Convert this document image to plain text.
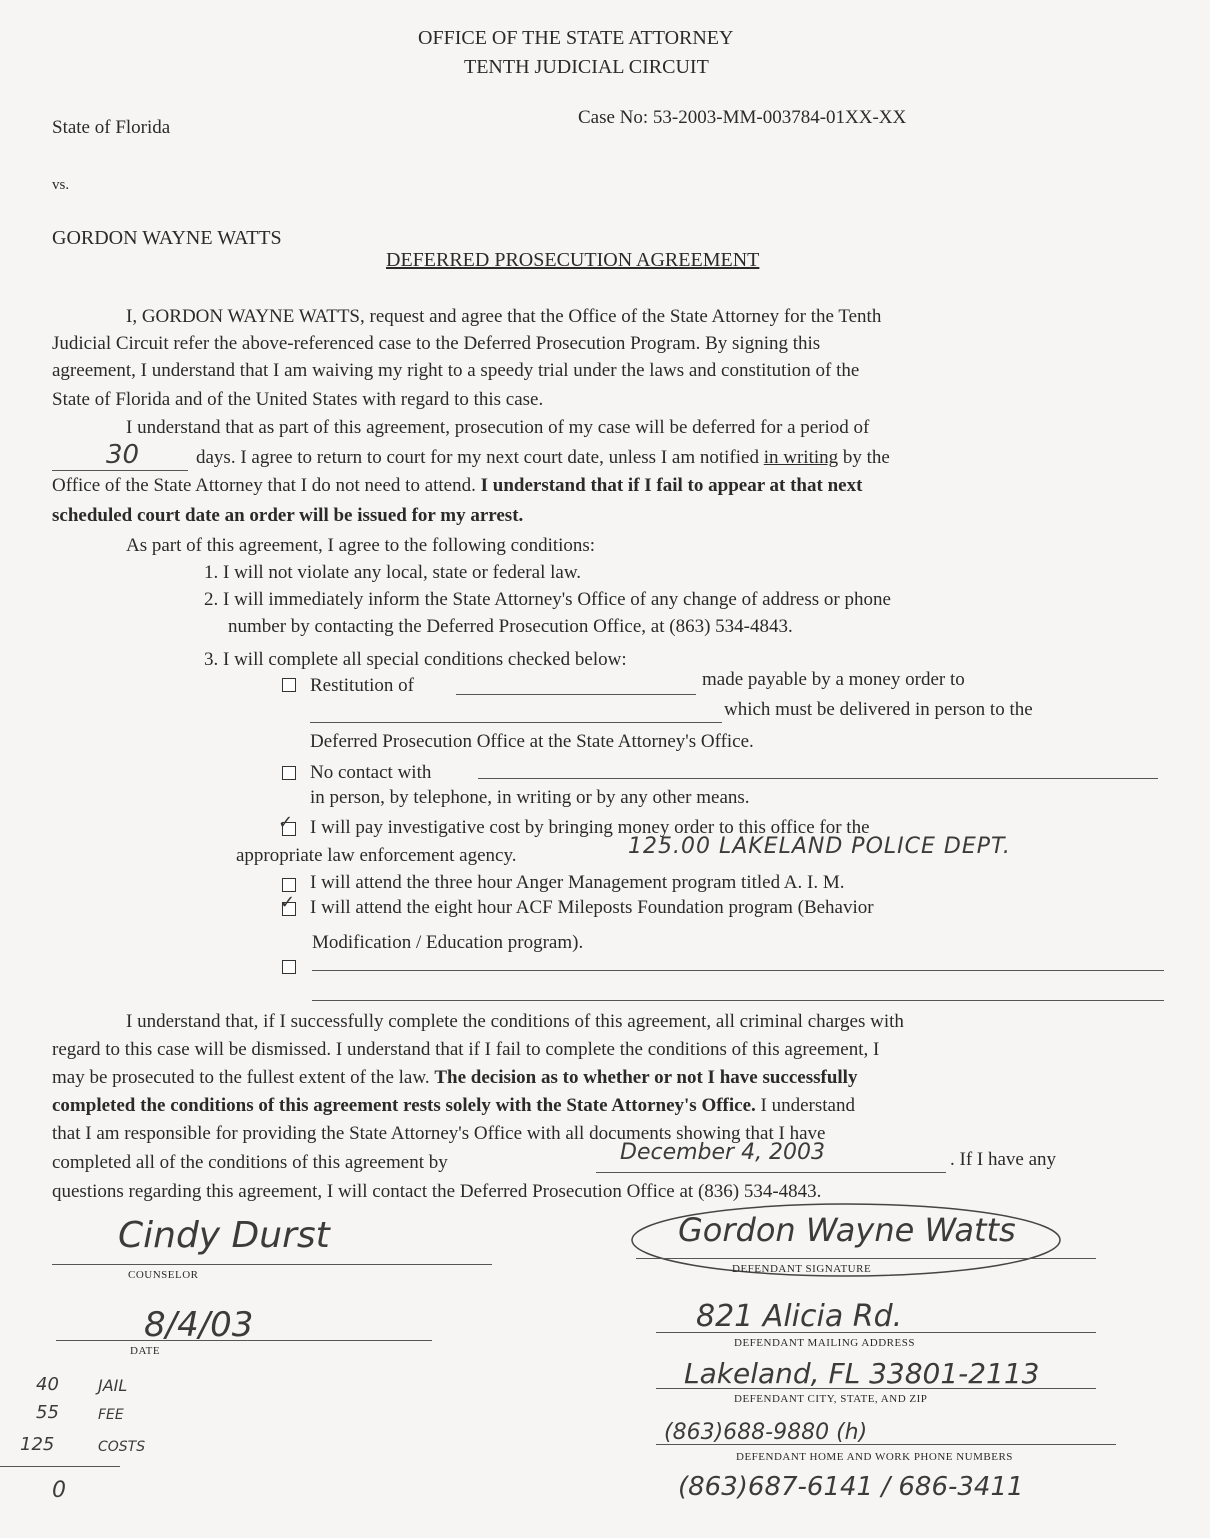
OFFICE OF THE STATE ATTORNEY
TENTH JUDICIAL CIRCUIT
State of Florida	Case No: 53-2003-MM-003784-01XX-XX
vs.
GORDON WAYNE WATTS
DEFERRED PROSECUTION AGREEMENT
I, GORDON WAYNE WATTS, request and agree that the Office of the State Attorney for the Tenth
Judicial Circuit refer the above-referenced case to the Deferred Prosecution Program. By signing this
agreement, I understand that I am waiving my right to a speedy trial under the laws and constitution of the
State of Florida and of the United States with regard to this case.
I understand that as part of this agreement, prosecution of my case will be deferred for a period of
30	days. I agree to return to court for my next court date, unless I am notified in writing by the
Office of the State Attorney that I do not need to attend. I understand that if I fail to appear at that next
scheduled court date an order will be issued for my arrest.
As part of this agreement, I agree to the following conditions:
1. I will not violate any local, state or federal law.
2. I will immediately inform the State Attorney's Office of any change of address or phone
number by contacting the Deferred Prosecution Office, at (863) 534-4843.
3. I will complete all special conditions checked below:
Restitution of	made payable by a money order to
which must be delivered in person to the
Deferred Prosecution Office at the State Attorney's Office.
No contact with
in person, by telephone, in writing or by any other means.
✓ I will pay investigative cost by bringing money order to this office for the
appropriate law enforcement agency.	125.00 LAKELAND POLICE DEPT.
I will attend the three hour Anger Management program titled A. I. M.
✓ I will attend the eight hour ACF Mileposts Foundation program (Behavior
Modification / Education program).
I understand that, if I successfully complete the conditions of this agreement, all criminal charges with
regard to this case will be dismissed. I understand that if I fail to complete the conditions of this agreement, I
may be prosecuted to the fullest extent of the law. The decision as to whether or not I have successfully
completed the conditions of this agreement rests solely with the State Attorney's Office. I understand
that I am responsible for providing the State Attorney's Office with all documents showing that I have
completed all of the conditions of this agreement by	December 4, 2003	. If I have any
questions regarding this agreement, I will contact the Deferred Prosecution Office at (836) 534-4843.
Cindy Durst
COUNSELOR
Gordon Wayne Watts
DEFENDANT SIGNATURE
8/4/03
DATE
821 Alicia Rd.
DEFENDANT MAILING ADDRESS
Lakeland, FL 33801-2113
DEFENDANT CITY, STATE, AND ZIP
(863)688-9880 (h)
DEFENDANT HOME AND WORK PHONE NUMBERS
(863)687-6141 / 686-3411
40 JAIL
55	FEE
125	COSTS
0
